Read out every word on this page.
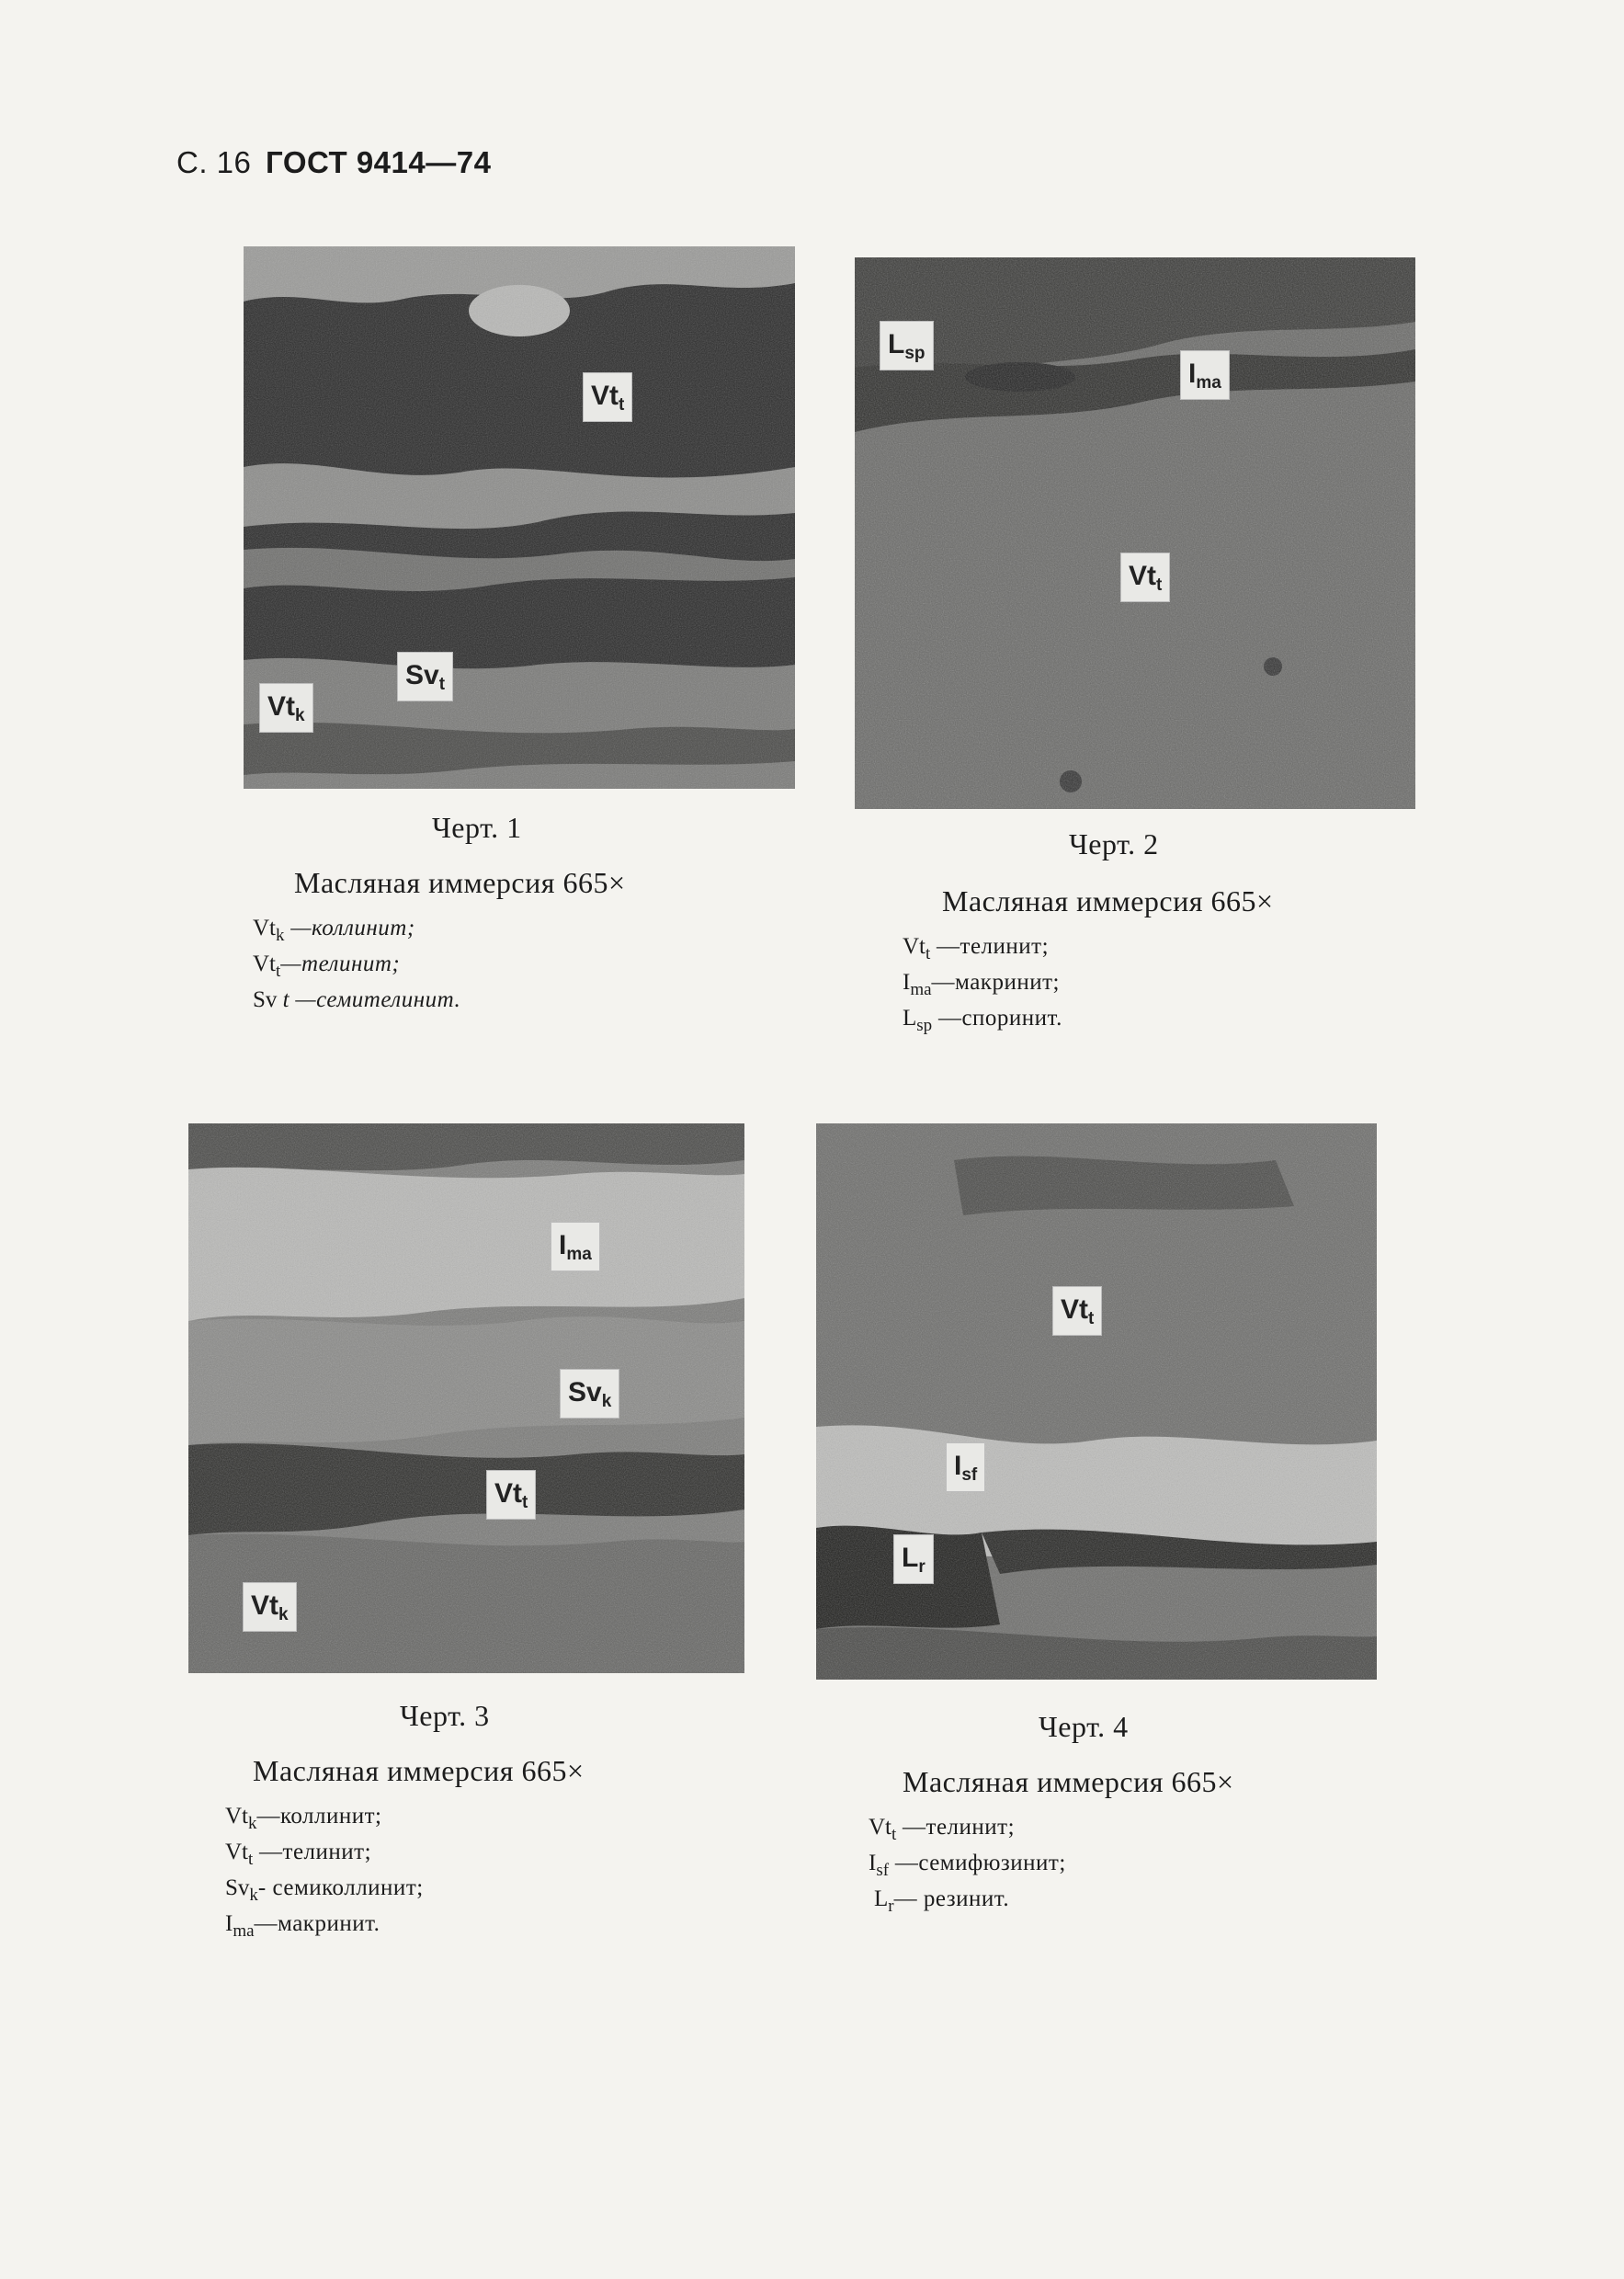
С. 16 ГОСТ 9414—74
$Vt_t$
$Sv_t$
$Vt_k$
Черт. 1
Масляная иммерсия 665×
$Vt_k$ —коллинит;
$Vt_t—телинит$;
Sv t —семителинит.
$L_{sp}$
$I_{ma}$
$Vt_t$
Черт. 2
Масляная иммерсия 665×
$Vt_t$ —телинит;
$I_{ma}—макринит$;
$L_{sp}$ —споринит.
$I_{ma}$
$Sv_k$
$Vt_t$
$Vt_k$
Черт. 3
Масляная иммерсия 665×
$Vt_k—коллинит$;
$Vt_t$ —телинит;
$Sv_k-$ семиколлинит;
$I_{ma}—макринит$.
$Vt_t$
$I_{sf}$
$L_r$
Черт. 4
Масляная иммерсия 665×
$Vt_t$ —телинит;
$I_{sf}$ —семифюзинит;
$L_r—$ резинит.
